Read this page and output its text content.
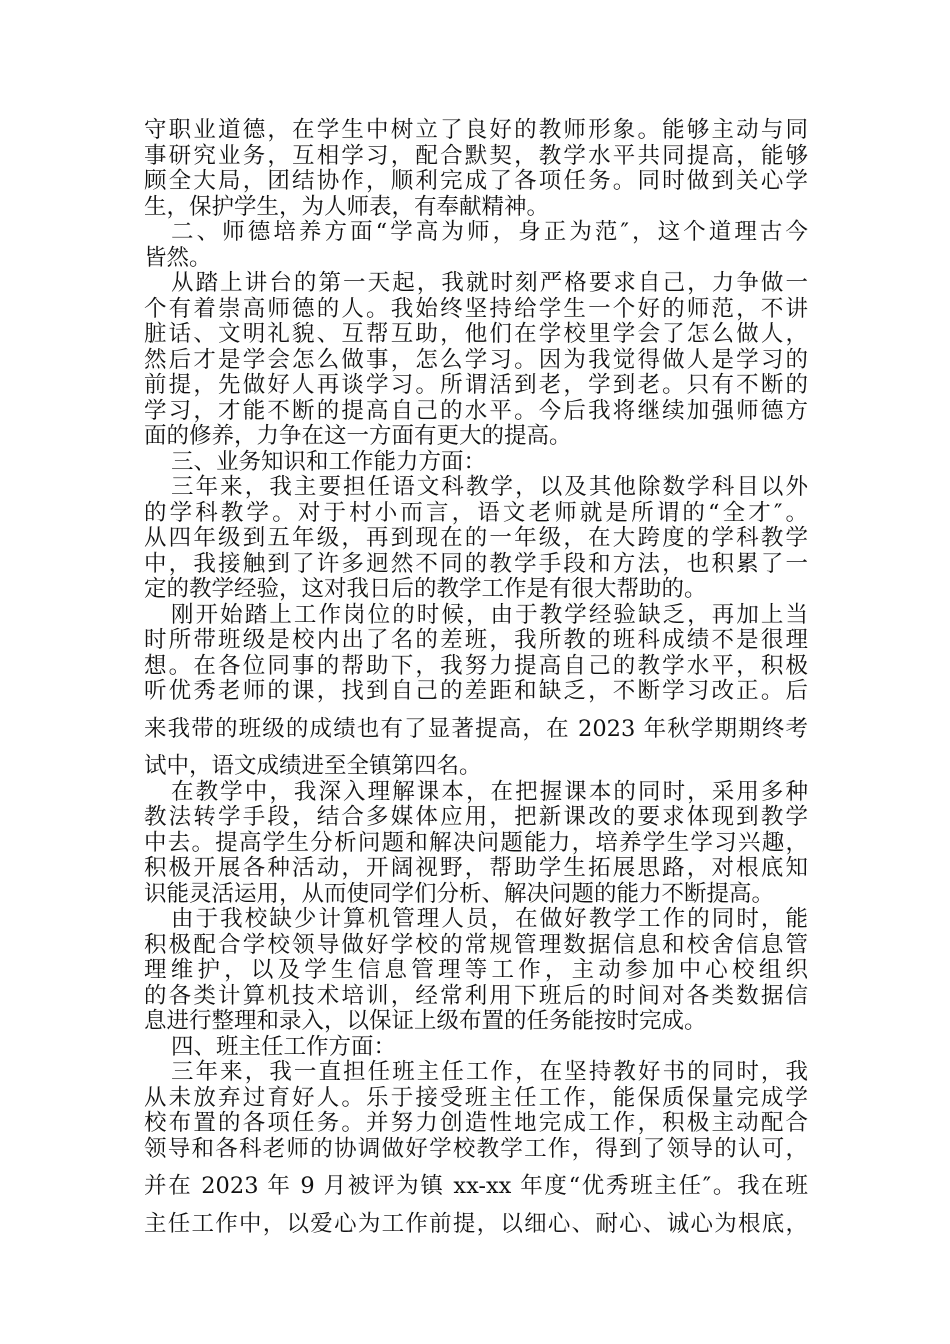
守职业道德，在学生中树立了良好的教师形象。能够主动与同
事研究业务，互相学习，配合默契，教学水平共同提高，能够
顾全大局，团结协作，顺利完成了各项任务。同时做到关心学
生，保护学生，为人师表，有奉献精神。
二、师德培养方面“学高为师，身正为范″，这个道理古今
皆然。
从踏上讲台的第一天起，我就时刻严格要求自己，力争做一
个有着崇高师德的人。我始终坚持给学生一个好的师范，不讲
脏话、文明礼貌、互帮互助，他们在学校里学会了怎么做人，
然后才是学会怎么做事，怎么学习。因为我觉得做人是学习的
前提，先做好人再谈学习。所谓活到老，学到老。只有不断的
学习，才能不断的提高自己的水平。今后我将继续加强师德方
面的修养，力争在这一方面有更大的提高。
三、业务知识和工作能力方面：
三年来，我主要担任语文科教学，以及其他除数学科目以外
的学科教学。对于村小而言，语文老师就是所谓的“全才″。
从四年级到五年级，再到现在的一年级，在大跨度的学科教学
中，我接触到了许多迥然不同的教学手段和方法，也积累了一
定的教学经验，这对我日后的教学工作是有很大帮助的。
刚开始踏上工作岗位的时候，由于教学经验缺乏，再加上当
时所带班级是校内出了名的差班，我所教的班科成绩不是很理
想。在各位同事的帮助下，我努力提高自己的教学水平，积极
听优秀老师的课，找到自己的差距和缺乏，不断学习改正。后
来我带的班级的成绩也有了显著提高，在 2023 年秋学期期终考
试中，语文成绩进至全镇第四名。
在教学中，我深入理解课本，在把握课本的同时，采用多种
教法转学手段，结合多媒体应用，把新课改的要求体现到教学
中去。提高学生分析问题和解决问题能力，培养学生学习兴趣，
积极开展各种活动，开阔视野，帮助学生拓展思路，对根底知
识能灵活运用，从而使同学们分析、解决问题的能力不断提高。
由于我校缺少计算机管理人员，在做好教学工作的同时，能
积极配合学校领导做好学校的常规管理数据信息和校舍信息管
理维护，以及学生信息管理等工作，主动参加中心校组织
的各类计算机技术培训，经常利用下班后的时间对各类数据信
息进行整理和录入，以保证上级布置的任务能按时完成。
四、班主任工作方面：
三年来，我一直担任班主任工作，在坚持教好书的同时，我
从未放弃过育好人。乐于接受班主任工作，能保质保量完成学
校布置的各项任务。并努力创造性地完成工作，积极主动配合
领导和各科老师的协调做好学校教学工作，得到了领导的认可，
并在 2023 年 9 月被评为镇 xx-xx 年度“优秀班主任″。我在班
主任工作中，以爱心为工作前提，以细心、耐心、诚心为根底，
